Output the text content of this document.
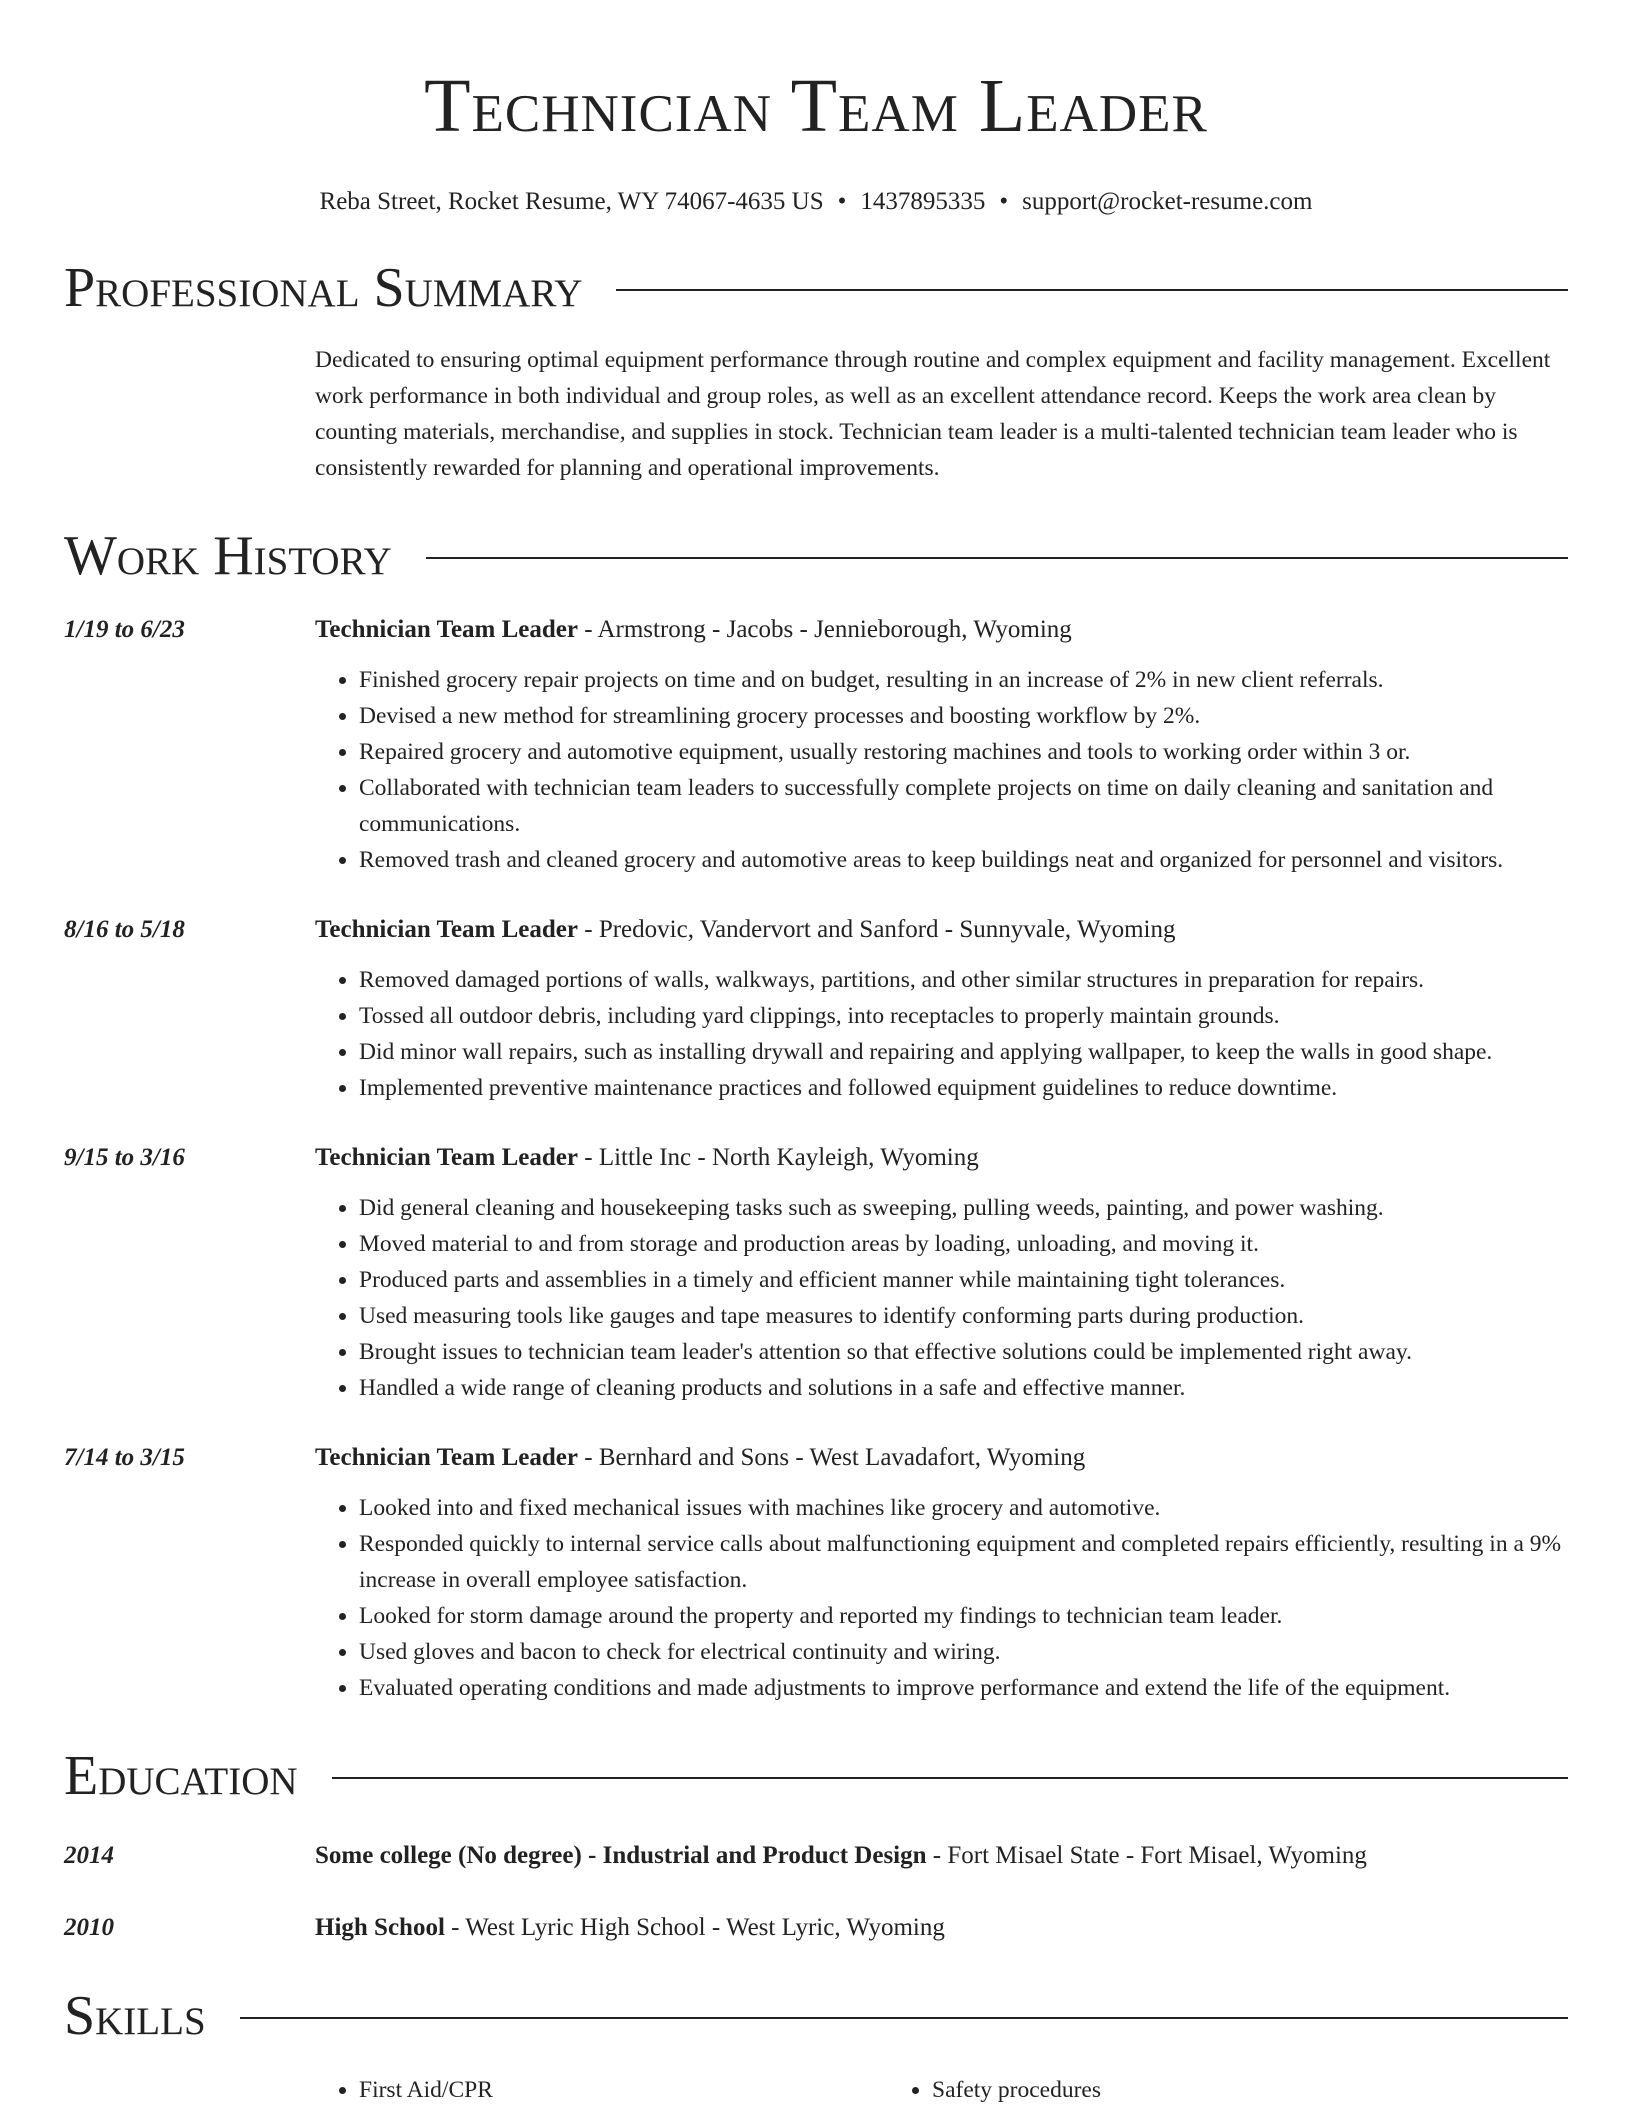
Technician Team Leader
Reba Street, Rocket Resume, WY 74067-4635 US • 1437895335 • support@rocket-resume.com
Professional Summary
Dedicated to ensuring optimal equipment performance through routine and complex equipment and facility management. Excellent work performance in both individual and group roles, as well as an excellent attendance record. Keeps the work area clean by counting materials, merchandise, and supplies in stock. Technician team leader is a multi-talented technician team leader who is consistently rewarded for planning and operational improvements.
Work History
1/19 to 6/23	Technician Team Leader - Armstrong - Jacobs - Jennieborough, Wyoming
• Finished grocery repair projects on time and on budget, resulting in an increase of 2% in new client referrals.
• Devised a new method for streamlining grocery processes and boosting workflow by 2%.
• Repaired grocery and automotive equipment, usually restoring machines and tools to working order within 3 or.
• Collaborated with technician team leaders to successfully complete projects on time on daily cleaning and sanitation and communications.
• Removed trash and cleaned grocery and automotive areas to keep buildings neat and organized for personnel and visitors.
8/16 to 5/18	Technician Team Leader - Predovic, Vandervort and Sanford - Sunnyvale, Wyoming
• Removed damaged portions of walls, walkways, partitions, and other similar structures in preparation for repairs.
• Tossed all outdoor debris, including yard clippings, into receptacles to properly maintain grounds.
• Did minor wall repairs, such as installing drywall and repairing and applying wallpaper, to keep the walls in good shape.
• Implemented preventive maintenance practices and followed equipment guidelines to reduce downtime.
9/15 to 3/16	Technician Team Leader - Little Inc - North Kayleigh, Wyoming
• Did general cleaning and housekeeping tasks such as sweeping, pulling weeds, painting, and power washing.
• Moved material to and from storage and production areas by loading, unloading, and moving it.
• Produced parts and assemblies in a timely and efficient manner while maintaining tight tolerances.
• Used measuring tools like gauges and tape measures to identify conforming parts during production.
• Brought issues to technician team leader's attention so that effective solutions could be implemented right away.
• Handled a wide range of cleaning products and solutions in a safe and effective manner.
7/14 to 3/15	Technician Team Leader - Bernhard and Sons - West Lavadafort, Wyoming
• Looked into and fixed mechanical issues with machines like grocery and automotive.
• Responded quickly to internal service calls about malfunctioning equipment and completed repairs efficiently, resulting in a 9% increase in overall employee satisfaction.
• Looked for storm damage around the property and reported my findings to technician team leader.
• Used gloves and bacon to check for electrical continuity and wiring.
• Evaluated operating conditions and made adjustments to improve performance and extend the life of the equipment.
Education
2014	Some college (No degree) - Industrial and Product Design - Fort Misael State - Fort Misael, Wyoming
2010	High School - West Lyric High School - West Lyric, Wyoming
Skills
• First Aid/CPR
•	Safety procedures
